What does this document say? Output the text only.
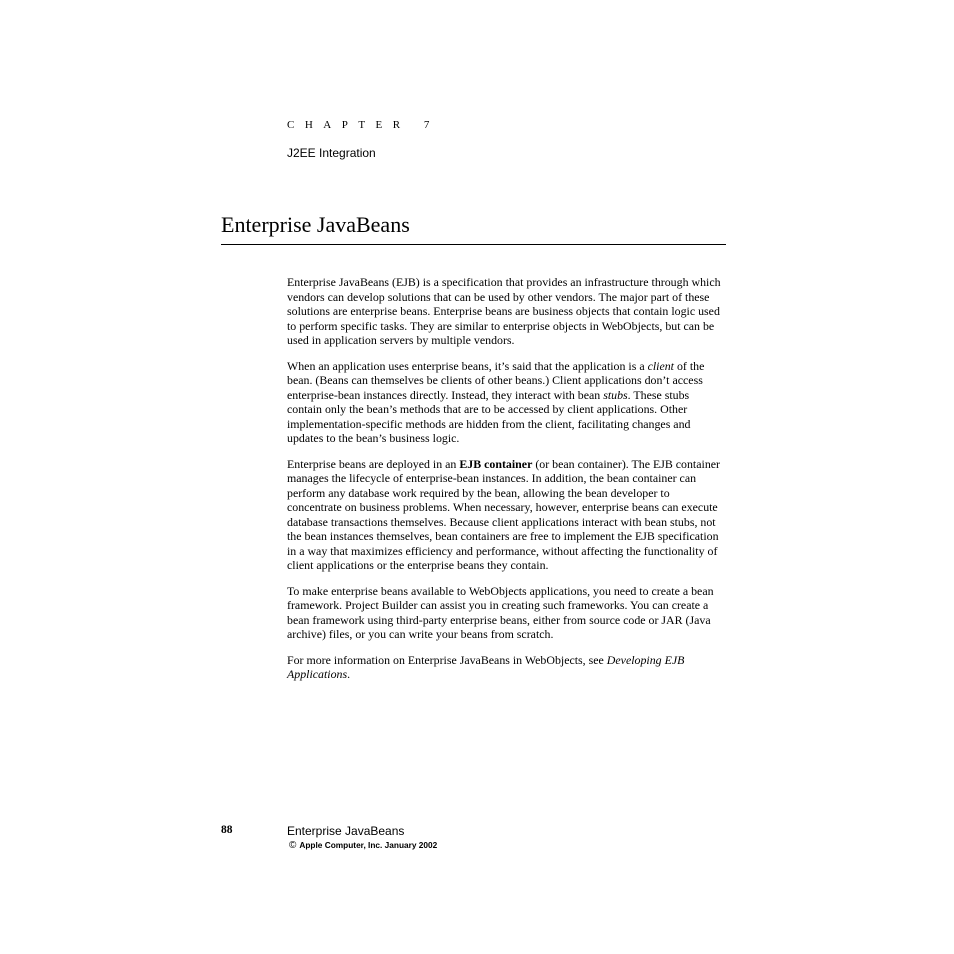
CHAPTER 7
J2EE Integration
Enterprise JavaBeans

Enterprise JavaBeans (EJB) is a specification that provides an infrastructure through which vendors can develop solutions that can be used by other vendors. The major part of these solutions are enterprise beans. Enterprise beans are business objects that contain logic used to perform specific tasks. They are similar to enterprise objects in WebObjects, but can be used in application servers by multiple vendors.

When an application uses enterprise beans, it’s said that the application is a client of the bean. (Beans can themselves be clients of other beans.) Client applications don’t access enterprise-bean instances directly. Instead, they interact with bean stubs. These stubs contain only the bean’s methods that are to be accessed by client applications. Other implementation-specific methods are hidden from the client, facilitating changes and updates to the bean’s business logic.

Enterprise beans are deployed in an EJB container (or bean container). The EJB container manages the lifecycle of enterprise-bean instances. In addition, the bean container can perform any database work required by the bean, allowing the bean developer to concentrate on business problems. When necessary, however, enterprise beans can execute database transactions themselves. Because client applications interact with bean stubs, not the bean instances themselves, bean containers are free to implement the EJB specification in a way that maximizes efficiency and performance, without affecting the functionality of client applications or the enterprise beans they contain.

To make enterprise beans available to WebObjects applications, you need to create a bean framework. Project Builder can assist you in creating such frameworks. You can create a bean framework using third-party enterprise beans, either from source code or JAR (Java archive) files, or you can write your beans from scratch.

For more information on Enterprise JavaBeans in WebObjects, see Developing EJB Applications.

88	Enterprise JavaBeans
© Apple Computer, Inc. January 2002
